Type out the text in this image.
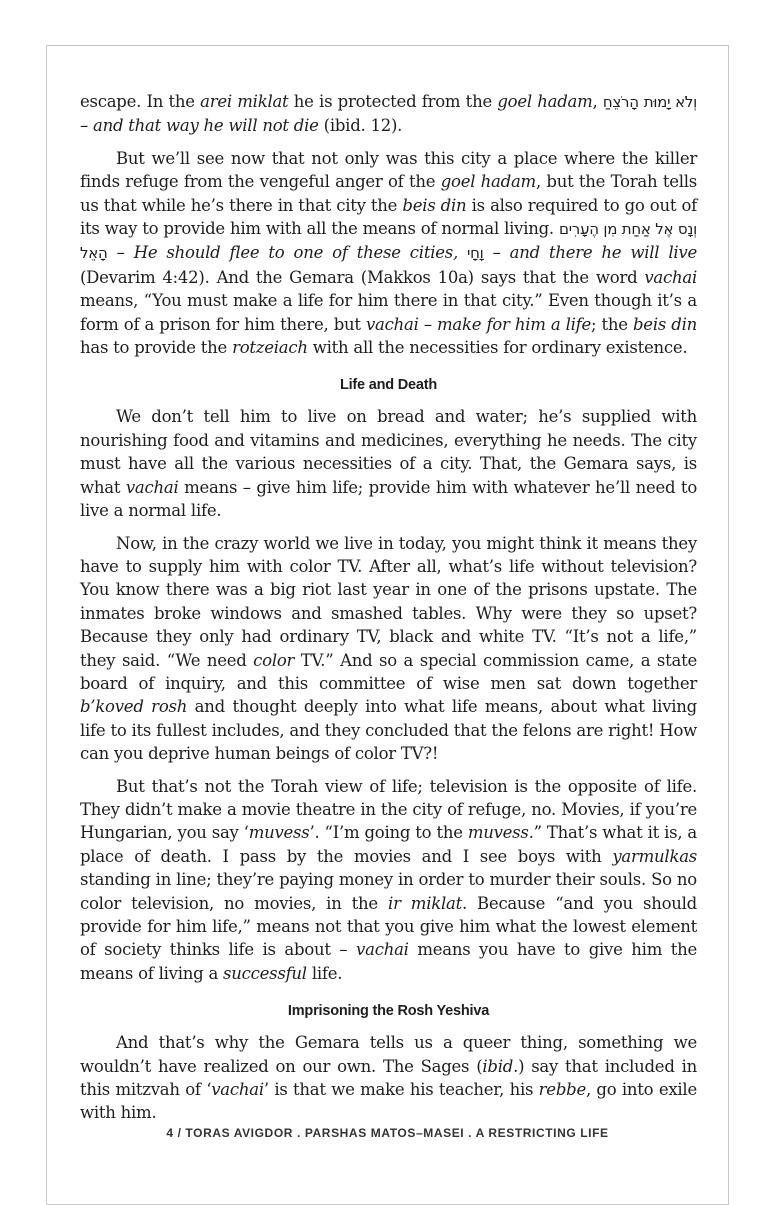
escape. In the arei miklat he is protected from the goel hadam, וְלֹא יָמוּת הָרֹצֵחַ – and that way he will not die (ibid. 12).

But we’ll see now that not only was this city a place where the killer finds refuge from the vengeful anger of the goel hadam, but the Torah tells us that while he’s there in that city the beis din is also required to go out of its way to provide him with all the means of normal living. וְנָס אֶל אַחַת מִן הֶעָרִים הָאֵל – He should flee to one of these cities, וָחָי – and there he will live (Devarim 4:42). And the Gemara (Makkos 10a) says that the word vachai means, “You must make a life for him there in that city.” Even though it’s a form of a prison for him there, but vachai – make for him a life; the beis din has to provide the rotzeiach with all the necessities for ordinary existence.

Life and Death

We don’t tell him to live on bread and water; he’s supplied with nourishing food and vitamins and medicines, everything he needs. The city must have all the various necessities of a city. That, the Gemara says, is what vachai means – give him life; provide him with whatever he’ll need to live a normal life.

Now, in the crazy world we live in today, you might think it means they have to supply him with color TV. After all, what’s life without television? You know there was a big riot last year in one of the prisons upstate. The inmates broke windows and smashed tables. Why were they so upset? Because they only had ordinary TV, black and white TV. “It’s not a life,” they said. “We need color TV.” And so a special commission came, a state board of inquiry, and this committee of wise men sat down together b’koved rosh and thought deeply into what life means, about what living life to its fullest includes, and they concluded that the felons are right! How can you deprive human beings of color TV?!

But that’s not the Torah view of life; television is the opposite of life. They didn’t make a movie theatre in the city of refuge, no. Movies, if you’re Hungarian, you say ‘muvess’. “I’m going to the muvess.” That’s what it is, a place of death. I pass by the movies and I see boys with yarmulkas standing in line; they’re paying money in order to murder their souls. So no color television, no movies, in the ir miklat. Because “and you should provide for him life,” means not that you give him what the lowest element of society thinks life is about – vachai means you have to give him the means of living a successful life.

Imprisoning the Rosh Yeshiva

And that’s why the Gemara tells us a queer thing, something we wouldn’t have realized on our own. The Sages (ibid.) say that included in this mitzvah of ‘vachai’ is that we make his teacher, his rebbe, go into exile with him.

4 / TORAS AVIGDOR . PARSHAS MATOS–MASEI . A RESTRICTING LIFE
